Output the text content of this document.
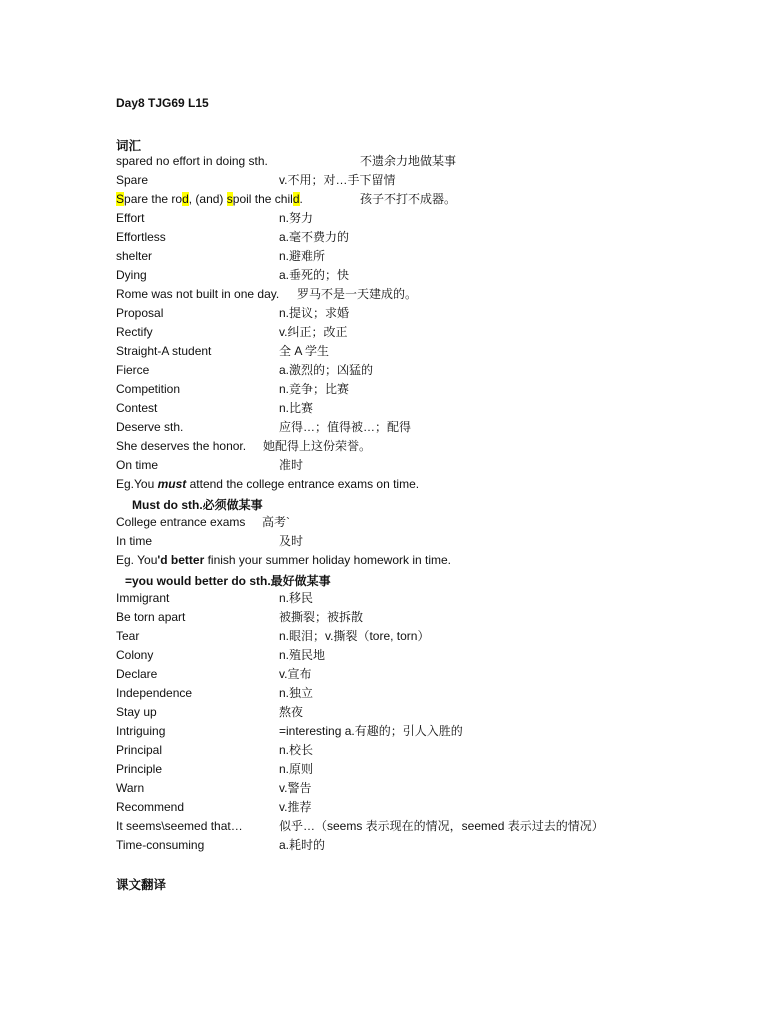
Day8 TJG69 L15
词汇
spared no effort in doing sth.	不遗余力地做某事
Spare	v.不用；对…手下留情
Spare the rod, (and) spoil the child.	孩子不打不成器。
Effort	n.努力
Effortless	a.毫不费力的
shelter	n.避难所
Dying	a.垂死的；快
Rome was not built in one day. 罗马不是一天建成的。
Proposal	n.提议；求婚
Rectify	v.纠正；改正
Straight-A student	全 A 学生
Fierce	a.激烈的；凶猛的
Competition	n.竞争；比赛
Contest	n.比赛
Deserve sth.	应得…；值得被…；配得
She deserves the honor. 她配得上这份荣誉。
On time	准时
Eg.You must attend the college entrance exams on time.
Must do sth.必须做某事
College entrance exams 高考`
In time	及时
Eg. You'd better finish your summer holiday homework in time.
=you would better do sth.最好做某事
Immigrant	n.移民
Be torn apart	被撕裂；被拆散
Tear	n.眼泪；v.撕裂（tore, torn）
Colony	n.殖民地
Declare	v.宣布
Independence	n.独立
Stay up	熬夜
Intriguing	=interesting a.有趣的；引人入胜的
Principal	n.校长
Principle	n.原则
Warn	v.警告
Recommend	v.推荐
It seems\seemed that…	似乎…（seems 表示现在的情况，seemed 表示过去的情况）
Time-consuming	a.耗时的
课文翻译
